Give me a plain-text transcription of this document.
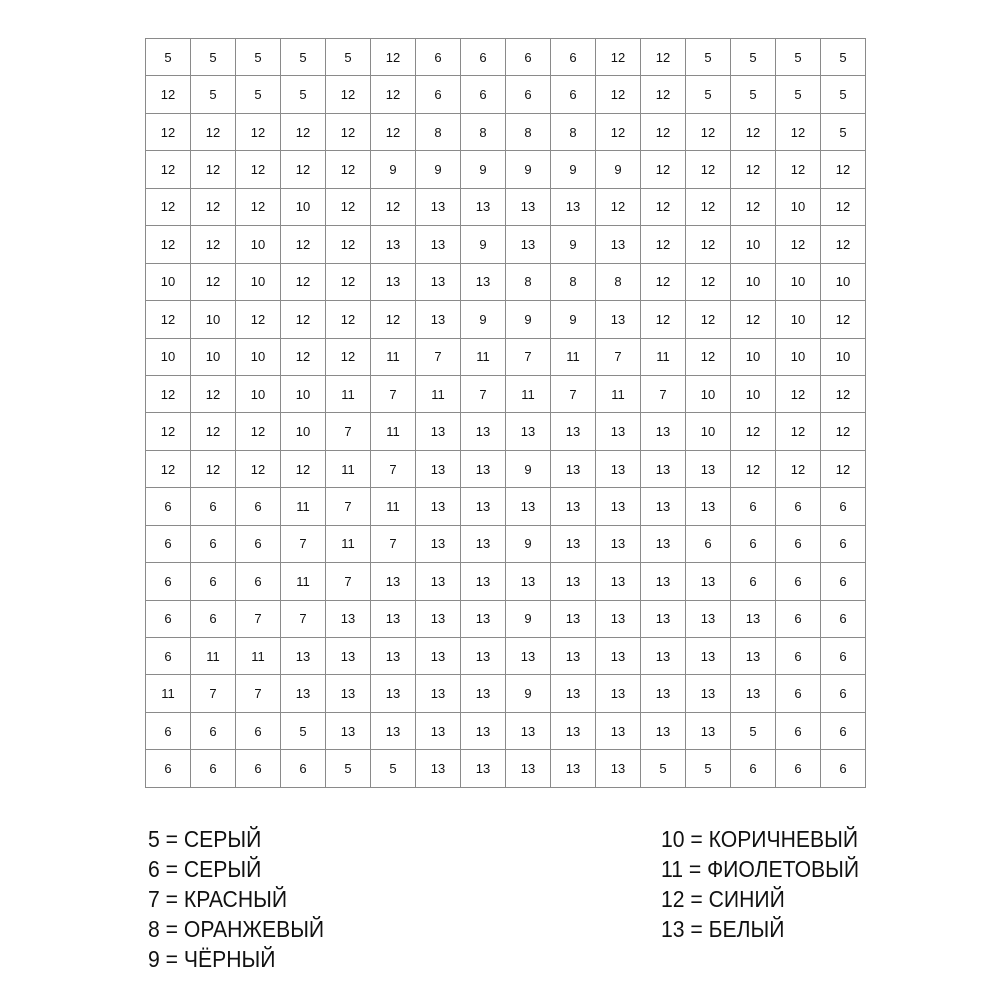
5	5	5	5	5	12	6	6	6	6	12	12	5	5	5	5
12	5	5	5	12	12	6	6	6	6	12	12	5	5	5	5
12	12	12	12	12	12	8	8	8	8	12	12	12	12	12	5
12	12	12	12	12	9	9	9	9	9	9	12	12	12	12	12
12	12	12	10	12	12	13	13	13	13	12	12	12	12	10	12
12	12	10	12	12	13	13	9	13	9	13	12	12	10	12	12
10	12	10	12	12	13	13	13	8	8	8	12	12	10	10	10
12	10	12	12	12	12	13	9	9	9	13	12	12	12	10	12
10	10	10	12	12	11	7	11	7	11	7	11	12	10	10	10
12	12	10	10	11	7	11	7	11	7	11	7	10	10	12	12
12	12	12	10	7	11	13	13	13	13	13	13	10	12	12	12
12	12	12	12	11	7	13	13	9	13	13	13	13	12	12	12
6	6	6	11	7	11	13	13	13	13	13	13	13	6	6	6
6	6	6	7	11	7	13	13	9	13	13	13	6	6	6	6
6	6	6	11	7	13	13	13	13	13	13	13	13	6	6	6
6	6	7	7	13	13	13	13	9	13	13	13	13	13	6	6
6	11	11	13	13	13	13	13	13	13	13	13	13	13	6	6
11	7	7	13	13	13	13	13	9	13	13	13	13	13	6	6
6	6	6	5	13	13	13	13	13	13	13	13	13	5	6	6
6	6	6	6	5	5	13	13	13	13	13	5	5	6	6	6
5 = СЕРЫЙ
6 = СЕРЫЙ
7 = КРАСНЫЙ
8 = ОРАНЖЕВЫЙ
9 = ЧЁРНЫЙ
10 = КОРИЧНЕВЫЙ
11 = ФИОЛЕТОВЫЙ
12 = СИНИЙ
13 = БЕЛЫЙ
